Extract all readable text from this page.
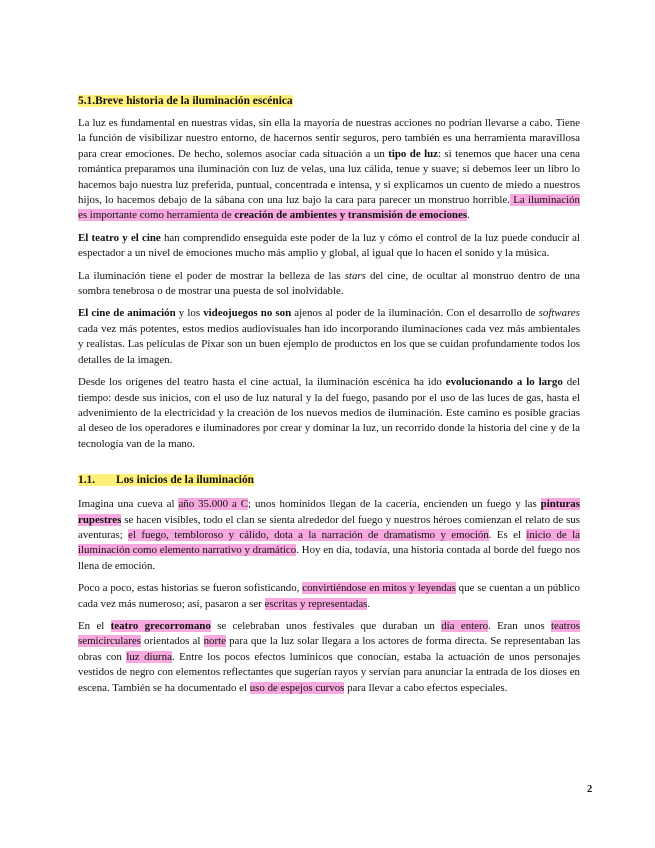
5.1.Breve historia de la iluminación escénica

La luz es fundamental en nuestras vidas, sin ella la mayoría de nuestras acciones no podrían llevarse a cabo. Tiene la función de visibilizar nuestro entorno, de hacernos sentir seguros, pero también es una herramienta maravillosa para crear emociones. De hecho, solemos asociar cada situación a un tipo de luz: si tenemos que hacer una cena romántica preparamos una iluminación con luz de velas, una luz cálida, tenue y suave; si debemos leer un libro lo hacemos bajo nuestra luz preferida, puntual, concentrada e intensa, y si explicamos un cuento de miedo a nuestros hijos, lo hacemos debajo de la sábana con una luz bajo la cara para parecer un monstruo horrible. La iluminación es importante como herramienta de creación de ambientes y transmisión de emociones.

El teatro y el cine han comprendido enseguida este poder de la luz y cómo el control de la luz puede conducir al espectador a un nivel de emociones mucho más amplio y global, al igual que lo hacen el sonido y la música.

La iluminación tiene el poder de mostrar la belleza de las stars del cine, de ocultar al monstruo dentro de una sombra tenebrosa o de mostrar una puesta de sol inolvidable.

El cine de animación y los videojuegos no son ajenos al poder de la iluminación. Con el desarrollo de softwares cada vez más potentes, estos medios audiovisuales han ido incorporando iluminaciones cada vez más ambientales y realistas. Las películas de Pixar son un buen ejemplo de productos en los que se cuidan profundamente todos los detalles de la imagen.

Desde los orígenes del teatro hasta el cine actual, la iluminación escénica ha ido evolucionando a lo largo del tiempo: desde sus inicios, con el uso de luz natural y la del fuego, pasando por el uso de las luces de gas, hasta el advenimiento de la electricidad y la creación de los nuevos medios de iluminación. Este camino es posible gracias al deseo de los operadores e iluminadores por crear y dominar la luz, un recorrido donde la historia del cine y de la tecnología van de la mano.

1.1. Los inicios de la iluminación

Imagina una cueva al año 35.000 a C; unos homínidos llegan de la cacería, encienden un fuego y las pinturas rupestres se hacen visibles, todo el clan se sienta alrededor del fuego y nuestros héroes comienzan el relato de sus aventuras; el fuego, tembloroso y cálido, dota a la narración de dramatismo y emoción. Es el inicio de la iluminación como elemento narrativo y dramático. Hoy en día, todavía, una historia contada al borde del fuego nos llena de emoción.

Poco a poco, estas historias se fueron sofisticando, convirtiéndose en mitos y leyendas que se cuentan a un público cada vez más numeroso; así, pasaron a ser escritas y representadas.

En el teatro grecorromano se celebraban unos festivales que duraban un día entero. Eran unos teatros semicirculares orientados al norte para que la luz solar llegara a los actores de forma directa. Se representaban las obras con luz diurna. Entre los pocos efectos lumínicos que conocían, estaba la actuación de unos personajes vestidos de negro con elementos reflectantes que sugerían rayos y servían para anunciar la entrada de los dioses en escena. También se ha documentado el uso de espejos curvos para llevar a cabo efectos especiales.

2
